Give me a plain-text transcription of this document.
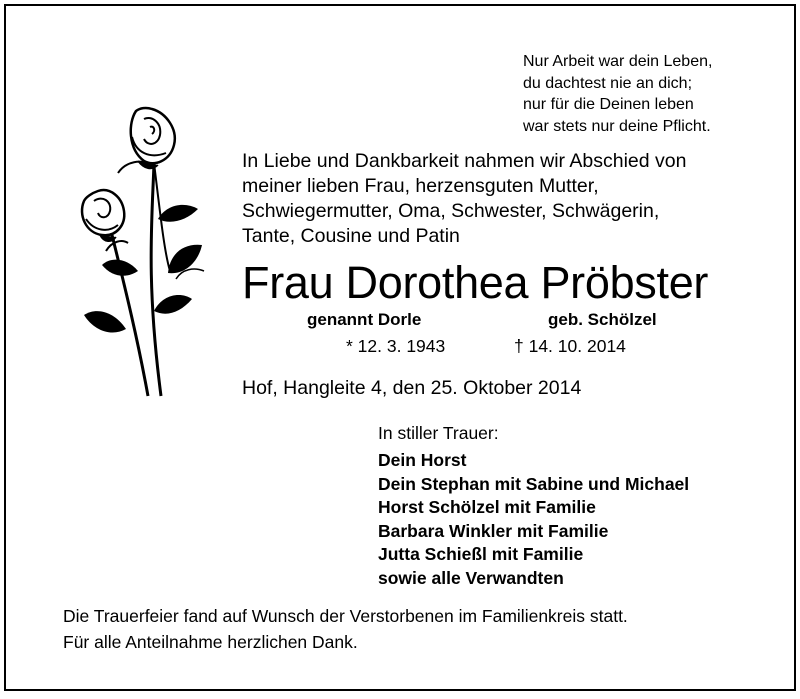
Nur Arbeit war dein Leben,
du dachtest nie an dich;
nur für die Deinen leben
war stets nur deine Pflicht.
In Liebe und Dankbarkeit nahmen wir Abschied von
meiner lieben Frau, herzensguten Mutter,
Schwiegermutter, Oma, Schwester, Schwägerin,
Tante, Cousine und Patin
Frau Dorothea Pröbster
genannt Dorle	geb. Schölzel
* 12. 3. 1943	† 14. 10. 2014
Hof, Hangleite 4, den 25. Oktober 2014
In stiller Trauer:
Dein Horst
Dein Stephan mit Sabine und Michael
Horst Schölzel mit Familie
Barbara Winkler mit Familie
Jutta Schießl mit Familie
sowie alle Verwandten
Die Trauerfeier fand auf Wunsch der Verstorbenen im Familienkreis statt.
Für alle Anteilnahme herzlichen Dank.
